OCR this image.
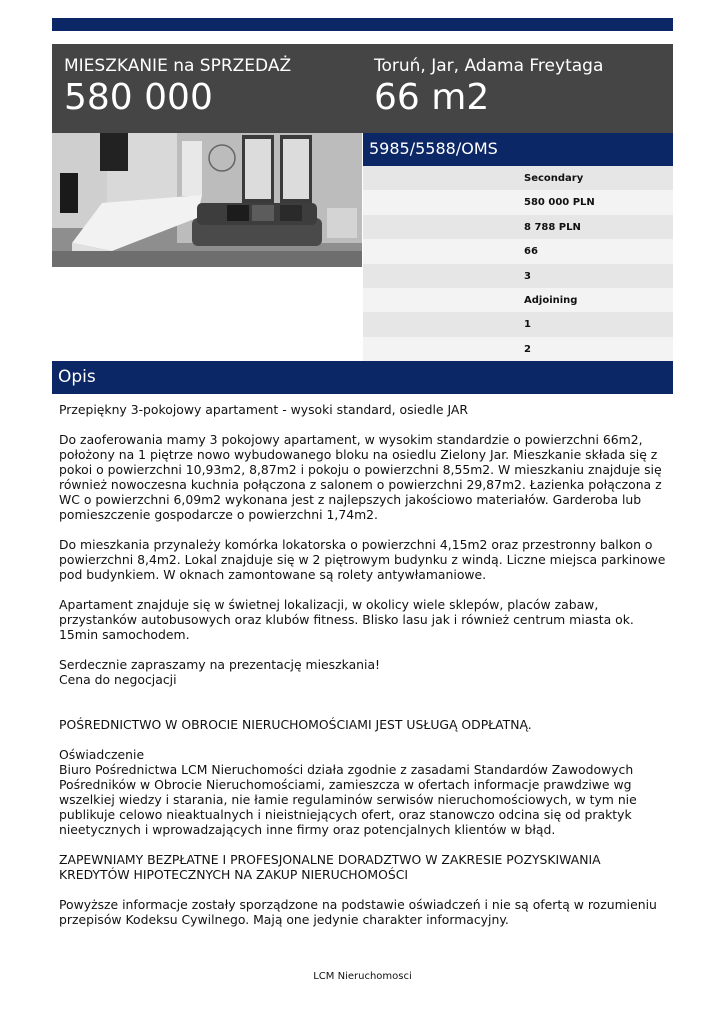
MIESZKANIE na SPRZEDAŻ
580 000
Toruń, Jar, Adama Freytaga
66 m2
5985/5588/OMS
Secondary
580 000 PLN
8 788 PLN
66
3
Adjoining
1
2
Opis

Przepiękny 3-pokojowy apartament - wysoki standard, osiedle JAR

Do zaoferowania mamy 3 pokojowy apartament, w wysokim standardzie o powierzchni 66m2, położony na 1 piętrze nowo wybudowanego bloku na osiedlu Zielony Jar. Mieszkanie składa się z pokoi o powierzchni 10,93m2, 8,87m2 i pokoju o powierzchni 8,55m2. W mieszkaniu znajduje się również nowoczesna kuchnia połączona z salonem o powierzchni 29,87m2. Łazienka połączona z WC o powierzchni 6,09m2 wykonana jest z najlepszych jakościowo materiałów. Garderoba lub pomieszczenie gospodarcze o powierzchni 1,74m2.

Do mieszkania przynależy komórka lokatorska o powierzchni 4,15m2 oraz przestronny balkon o powierzchni 8,4m2. Lokal znajduje się w 2 piętrowym budynku z windą. Liczne miejsca parkinowe pod budynkiem. W oknach zamontowane są rolety antywłamaniowe.

Apartament znajduje się w świetnej lokalizacji, w okolicy wiele sklepów, placów zabaw, przystanków autobusowych oraz klubów fitness. Blisko lasu jak i również centrum miasta ok. 15min samochodem.

Serdecznie zapraszamy na prezentację mieszkania!
Cena do negocjacji

POŚREDNICTWO W OBROCIE NIERUCHOMOŚCIAMI JEST USŁUGĄ ODPŁATNĄ.

Oświadczenie
Biuro Pośrednictwa LCM Nieruchomości działa zgodnie z zasadami Standardów Zawodowych Pośredników w Obrocie Nieruchomościami, zamieszcza w ofertach informacje prawdziwe wg wszelkiej wiedzy i starania, nie łamie regulaminów serwisów nieruchomościowych, w tym nie publikuje celowo nieaktualnych i nieistniejących ofert, oraz stanowczo odcina się od praktyk nieetycznych i wprowadzających inne firmy oraz potencjalnych klientów w błąd.

ZAPEWNIAMY BEZPŁATNE I PROFESJONALNE DORADZTWO W ZAKRESIE POZYSKIWANIA KREDYTÓW HIPOTECZNYCH NA ZAKUP NIERUCHOMOŚCI

Powyższe informacje zostały sporządzone na podstawie oświadczeń i nie są ofertą w rozumieniu przepisów Kodeksu Cywilnego. Mają one jedynie charakter informacyjny.

LCM Nieruchomosci
